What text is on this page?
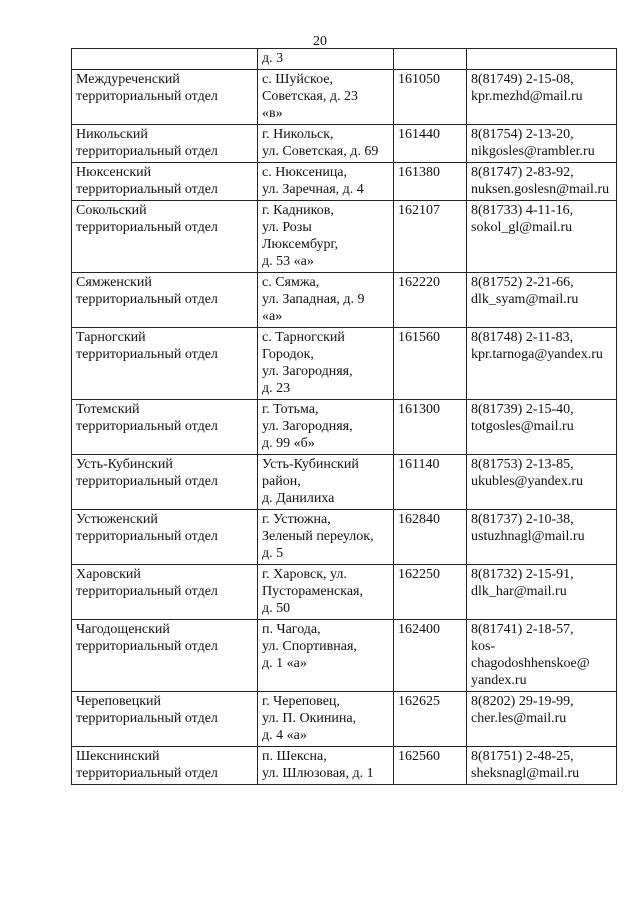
20

	д. 3		

Междуреченский
территориальный отдел	с. Шуйское,
Советская, д. 23
«в»	161050	8(81749) 2-15-08,
kpr.mezhd@mail.ru

Никольский
территориальный отдел	г. Никольск,
ул. Советская, д. 69	161440	8(81754) 2-13-20,
nikgosles@rambler.ru

Нюксенский
территориальный отдел	с. Нюксеница,
ул. Заречная, д. 4	161380	8(81747) 2-83-92,
nuksen.goslesn@mail.ru

Сокольский
территориальный отдел	г. Кадников,
ул. Розы
Люксембург,
д. 53 «а»	162107	8(81733) 4-11-16,
sokol_gl@mail.ru

Сямженский
территориальный отдел	с. Сямжа,
ул. Западная, д. 9
«а»	162220	8(81752) 2-21-66,
dlk_syam@mail.ru

Тарногский
территориальный отдел	с. Тарногский
Городок,
ул. Загородняя,
д. 23	161560	8(81748) 2-11-83,
kpr.tarnoga@yandex.ru

Тотемский
территориальный отдел	г. Тотьма,
ул. Загородняя,
д. 99 «б»	161300	8(81739) 2-15-40,
totgosles@mail.ru

Усть-Кубинский
территориальный отдел	Усть-Кубинский
район,
д. Данилиха	161140	8(81753) 2-13-85,
ukubles@yandex.ru

Устюженский
территориальный отдел	г. Устюжна,
Зеленый переулок,
д. 5	162840	8(81737) 2-10-38,
ustuzhnagl@mail.ru

Харовский
территориальный отдел	г. Харовск, ул.
Пустораменская,
д. 50	162250	8(81732) 2-15-91,
dlk_har@mail.ru

Чагодощенский
территориальный отдел	п. Чагода,
ул. Спортивная,
д. 1 «а»	162400	8(81741) 2-18-57,
kos-
chagodoshhenskoe@
yandex.ru

Череповецкий
территориальный отдел	г. Череповец,
ул. П. Окинина,
д. 4 «а»	162625	8(8202) 29-19-99,
cher.les@mail.ru

Шекснинский
территориальный отдел	п. Шексна,
ул. Шлюзовая, д. 1	162560	8(81751) 2-48-25,
sheksnagl@mail.ru
